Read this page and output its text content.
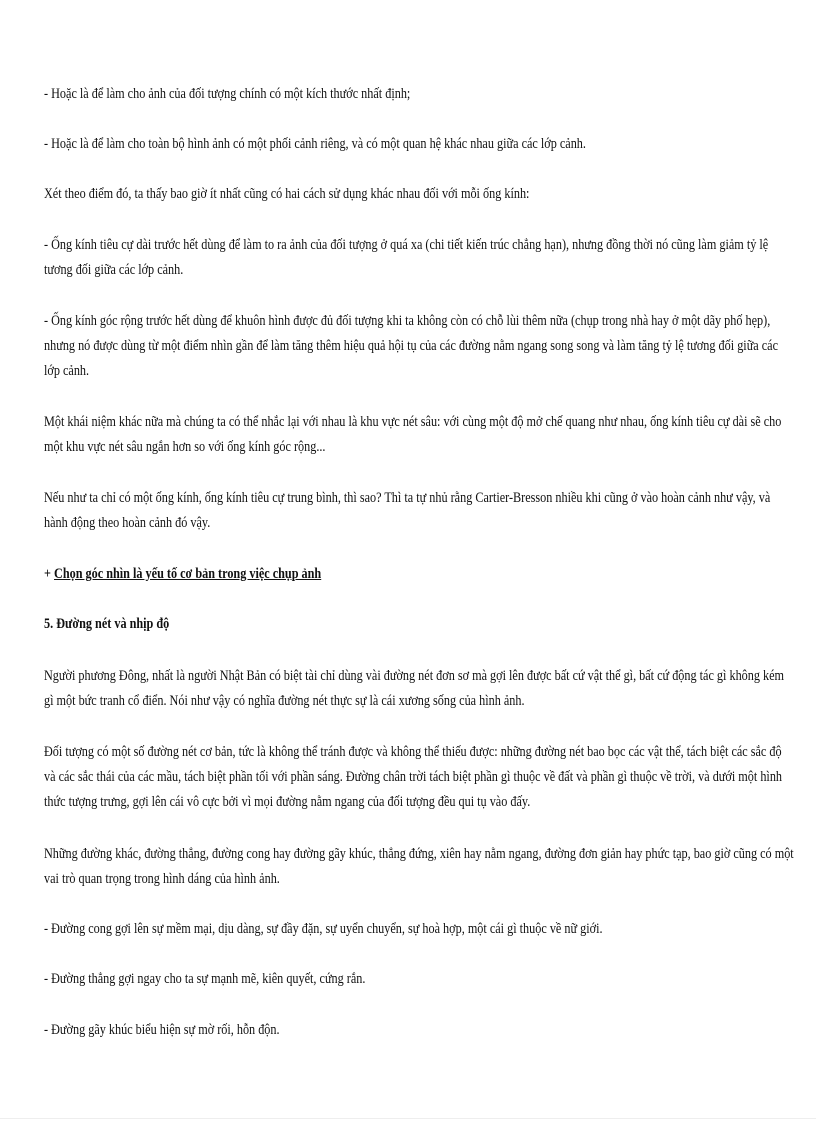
- Hoặc là để làm cho ảnh của đối tượng chính có một kích thước nhất định;

- Hoặc là để làm cho toàn bộ hình ảnh có một phối cảnh riêng, và có một quan hệ khác nhau giữa các lớp cảnh.

Xét theo điểm đó, ta thấy bao giờ ít nhất cũng có hai cách sử dụng khác nhau đối với mỗi ống kính:

- Ống kính tiêu cự dài trước hết dùng để làm to ra ảnh của đối tượng ở quá xa (chi tiết kiến trúc chẳng hạn), nhưng đồng thời nó cũng làm giảm tỷ lệ tương đối giữa các lớp cảnh.

- Ống kính góc rộng trước hết dùng để khuôn hình được đủ đối tượng khi ta không còn có chỗ lùi thêm nữa (chụp trong nhà hay ở một dãy phố hẹp), nhưng nó được dùng từ một điểm nhìn gần để làm tăng thêm hiệu quả hội tụ của các đường nằm ngang song song và làm tăng tỷ lệ tương đối giữa các lớp cảnh.

Một khái niệm khác nữa mà chúng ta có thể nhắc lại với nhau là khu vực nét sâu: với cùng một độ mở chế quang như nhau, ống kính tiêu cự dài sẽ cho một khu vực nét sâu ngắn hơn so với ống kính góc rộng...

Nếu như ta chỉ có một ống kính, ống kính tiêu cự trung bình, thì sao? Thì ta tự nhủ rằng Cartier-Bresson nhiều khi cũng ở vào hoàn cảnh như vậy, và hành động theo hoàn cảnh đó vậy.

+ Chọn góc nhìn là yếu tố cơ bản trong việc chụp ảnh

5. Đường nét và nhịp độ

Người phương Đông, nhất là người Nhật Bản có biệt tài chỉ dùng vài đường nét đơn sơ mà gợi lên được bất cứ vật thể gì, bất cứ động tác gì không kém gì một bức tranh cổ điển. Nói như vậy có nghĩa đường nét thực sự là cái xương sống của hình ảnh.

Đối tượng có một số đường nét cơ bản, tức là không thể tránh được và không thể thiếu được: những đường nét bao bọc các vật thể, tách biệt các sắc độ và các sắc thái của các mầu, tách biệt phần tối với phần sáng. Đường chân trời tách biệt phần gì thuộc về đất và phần gì thuộc về trời, và dưới một hình thức tượng trưng, gợi lên cái vô cực bởi vì mọi đường nằm ngang của đối tượng đều qui tụ vào đấy.

Những đường khác, đường thẳng, đường cong hay đường gãy khúc, thẳng đứng, xiên hay nằm ngang, đường đơn giản hay phức tạp, bao giờ cũng có một vai trò quan trọng trong hình dáng của hình ảnh.

- Đường cong gợi lên sự mềm mại, dịu dàng, sự đầy đặn, sự uyển chuyển, sự hoà hợp, một cái gì thuộc về nữ giới.

- Đường thẳng gợi ngay cho ta sự mạnh mẽ, kiên quyết, cứng rắn.

- Đường gãy khúc biểu hiện sự mờ rối, hỗn độn.
